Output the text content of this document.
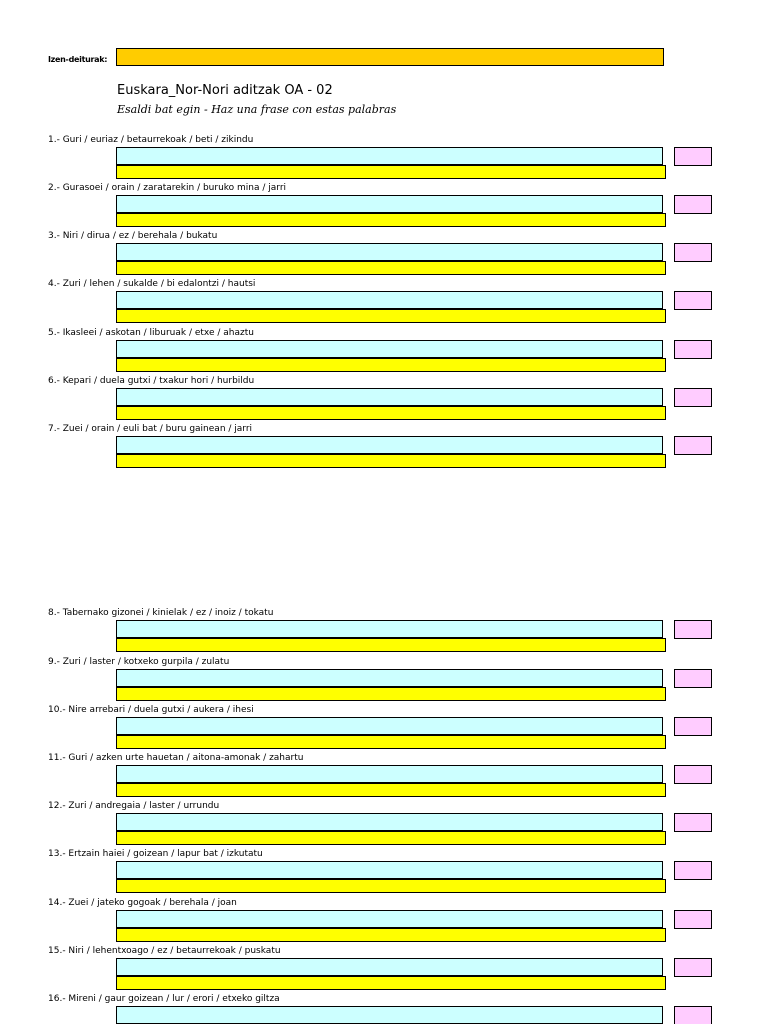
Izen-deiturak:
Euskara_Nor-Nori aditzak OA - 02
Esaldi bat egin - Haz una frase con estas palabras
1.- Guri / euriaz / betaurrekoak / beti / zikindu
2.- Gurasoei / orain / zaratarekin / buruko mina / jarri
3.- Niri / dirua / ez / berehala / bukatu
4.- Zuri / lehen / sukalde / bi edalontzi / hautsi
5.- Ikasleei / askotan / liburuak / etxe / ahaztu
6.- Kepari / duela gutxi / txakur hori / hurbildu
7.- Zuei / orain / euli bat / buru gainean / jarri
8.- Tabernako gizonei / kinielak / ez / inoiz / tokatu
9.- Zuri / laster / kotxeko gurpila / zulatu
10.- Nire arrebari / duela gutxi / aukera / ihesi
11.- Guri / azken urte hauetan / aitona-amonak / zahartu
12.- Zuri / andregaia / laster / urrundu
13.- Ertzain haiei / goizean / lapur bat / izkutatu
14.- Zuei / jateko gogoak / berehala / joan
15.- Niri / lehentxoago / ez / betaurrekoak / puskatu
16.- Mireni / gaur goizean / lur / erori / etxeko giltza
